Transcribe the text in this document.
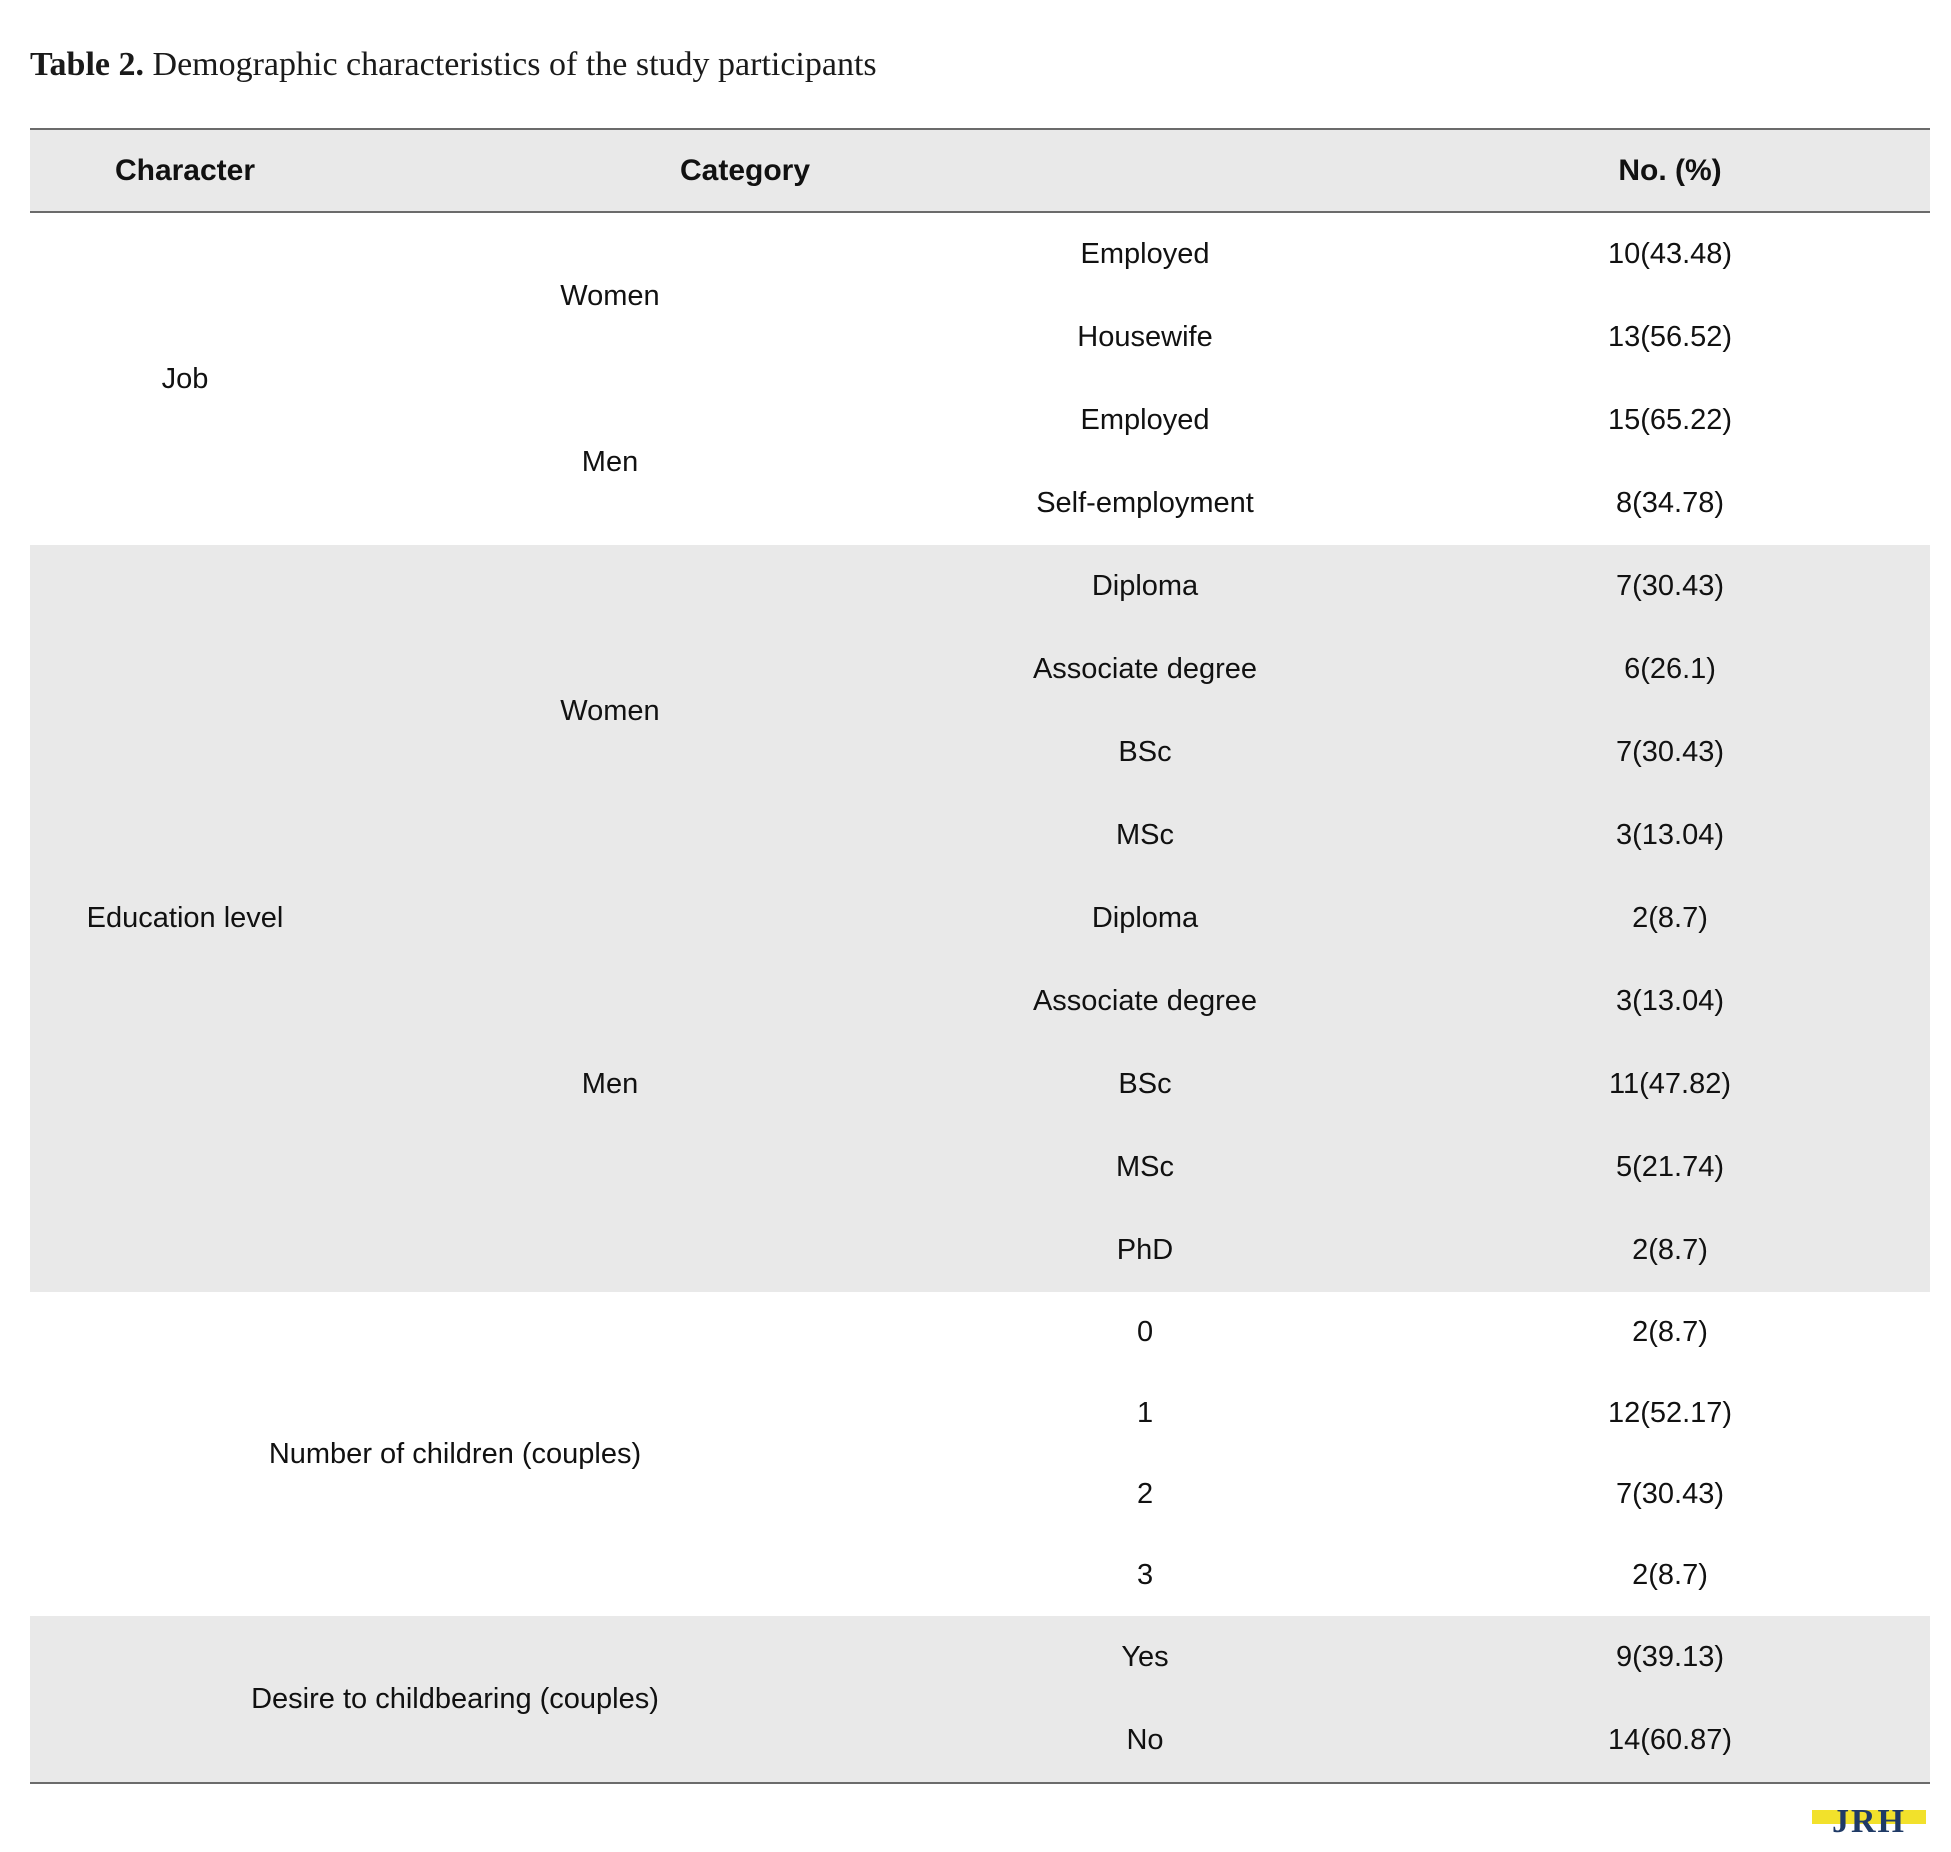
Table 2. Demographic characteristics of the study participants
Character	Category		No. (%)
Job	Women	Employed	10(43.48)
		Housewife	13(56.52)
	Men	Employed	15(65.22)
		Self-employment	8(34.78)
Education level	Women	Diploma	7(30.43)
		Associate degree	6(26.1)
		BSc	7(30.43)
		MSc	3(13.04)
	Men	Diploma	2(8.7)
		Associate degree	3(13.04)
		BSc	11(47.82)
		MSc	5(21.74)
		PhD	2(8.7)
Number of children (couples)		0	2(8.7)
		1	12(52.17)
		2	7(30.43)
		3	2(8.7)
Desire to childbearing (couples)		Yes	9(39.13)
		No	14(60.87)
JRH
